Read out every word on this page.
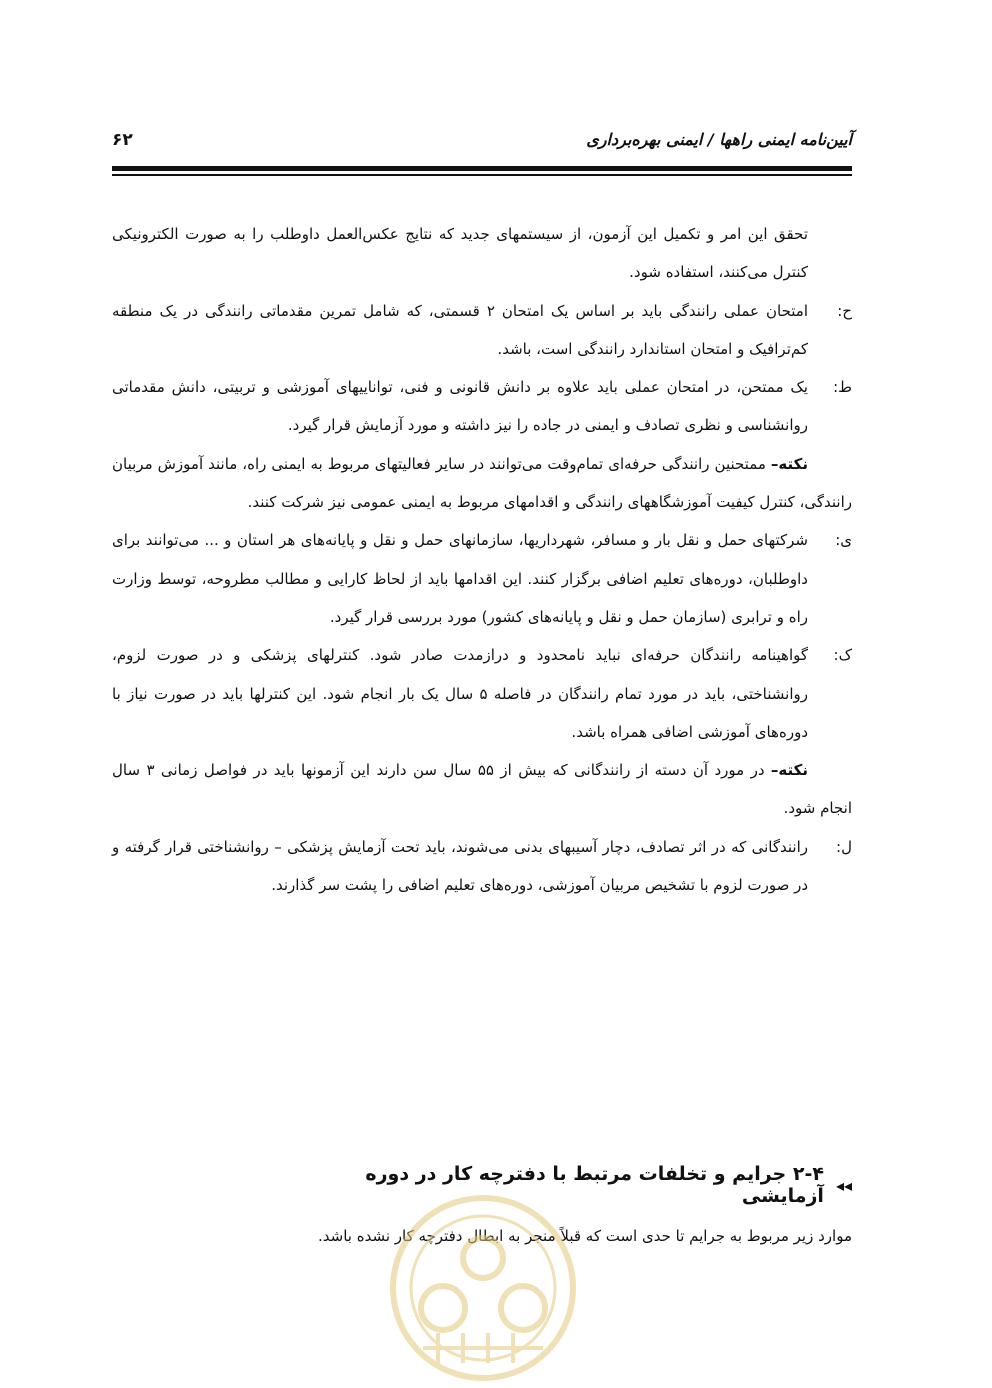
آیین‌نامه ایمنی راهها / ایمنی بهره‌برداری
۶۲

تحقق این امر و تکمیل این آزمون، از سیستمهای جدید که نتایج عکس‌العمل داوطلب را به صورت الکترونیکی کنترل می‌کنند، استفاده شود.

ح:

امتحان عملی رانندگی باید بر اساس یک امتحان ۲ قسمتی، که شامل تمرین مقدماتی رانندگی در یک منطقه کم‌ترافیک و امتحان استاندارد رانندگی است، باشد.

ط:

یک ممتحن، در امتحان عملی باید علاوه بر دانش قانونی و فنی، تواناییهای آموزشی و تربیتی، دانش مقدماتی روانشناسی و نظری تصادف و ایمنی در جاده را نیز داشته و مورد آزمایش قرار گیرد.

نکته– ممتحنین رانندگی حرفه‌ای تمام‌وقت می‌توانند در سایر فعالیتهای مربوط به ایمنی راه، مانند آموزش مربیان رانندگی، کنترل کیفیت آموزشگاههای رانندگی و اقدامهای مربوط به ایمنی عمومی نیز شرکت کنند.

ی:

شرکتهای حمل و نقل بار و مسافر، شهرداریها، سازمانهای حمل و نقل و پایانه‌های هر استان و ... می‌توانند برای داوطلبان، دوره‌های تعلیم اضافی برگزار کنند. این اقدامها باید از لحاظ کارایی و مطالب مطروحه، توسط وزارت راه و ترابری (سازمان حمل و نقل و پایانه‌های کشور) مورد بررسی قرار گیرد.

ک:

گواهینامه رانندگان حرفه‌ای نباید نامحدود و درازمدت صادر شود. کنترلهای پزشکی و در صورت لزوم، روانشناختی، باید در مورد تمام رانندگان در فاصله ۵ سال یک بار انجام شود. این کنترلها باید در صورت نیاز با دوره‌های آموزشی اضافی همراه باشد.

نکته– در مورد آن دسته از رانندگانی که بیش از ۵۵ سال سن دارند این آزمونها باید در فواصل زمانی ۳ سال انجام شود.

ل:

رانندگانی که در اثر تصادف، دچار آسیبهای بدنی می‌شوند، باید تحت آزمایش پزشکی – روانشناختی قرار گرفته و در صورت لزوم با تشخیص مربیان آموزشی، دوره‌های تعلیم اضافی را پشت سر گذارند.

◂◂
۲-۴ جرایم و تخلفات مرتبط با دفترچه کار در دوره آزمایشی
موارد زیر مربوط به جرایم تا حدی است که قبلاً منجر به ابطال دفترچه کار نشده باشد.
